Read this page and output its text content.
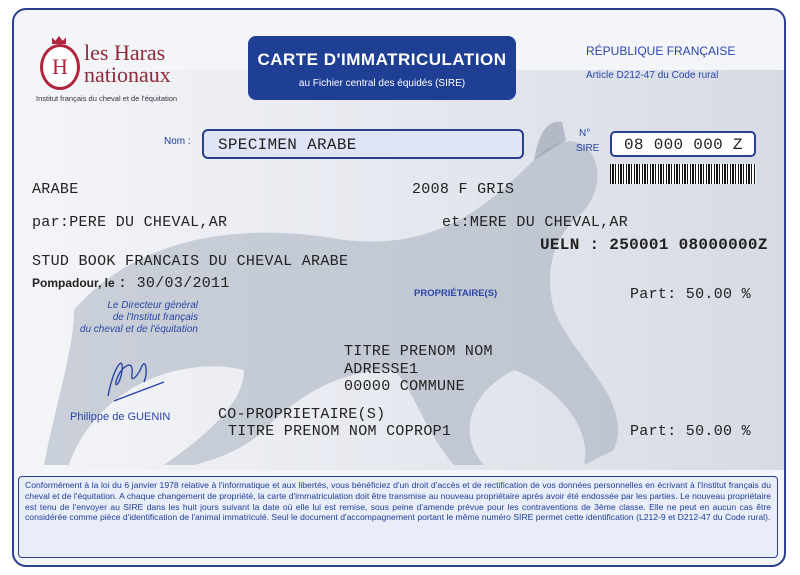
H
les Haras
nationaux
Institut français du cheval et de l'équitation
CARTE D'IMMATRICULATION
au Fichier central des équidés (SIRE)
RÉPUBLIQUE FRANÇAISE
Article D212-47 du Code rural
Nom : SPECIMEN ARABE
N°
SIRE 08 000 000 Z
ARABE	2008 F GRIS
par:PERE DU CHEVAL,AR	et:MERE DU CHEVAL,AR
UELN : 250001 08000000Z
STUD BOOK FRANCAIS DU CHEVAL ARABE
Pompadour, le : 30/03/2011
PROPRIÉTAIRE(S)	Part: 50.00 %
Le Directeur général
de l'Institut français
du cheval et de l'équitation
Philippe de GUENIN
TITRE PRENOM NOM
ADRESSE1
00000 COMMUNE
CO-PROPRIETAIRE(S)
TITRE PRENOM NOM COPROP1	Part: 50.00 %
Conformément à la loi du 6 janvier 1978 relative à l'informatique et aux libertés, vous bénéficiez d'un droit d'accès et de rectification de vos données personnelles en écrivant à l'Institut français du cheval et de l'équitation. A chaque changement de propriété, la carte d'immatriculation doit être transmise au nouveau propriétaire après avoir été endossée par les parties. Le nouveau propriétaire est tenu de l'envoyer au SIRE dans les huit jours suivant la date où elle lui est remise, sous peine d'amende prévue pour les contraventions de 3ème classe. Elle ne peut en aucun cas être considérée comme pièce d'identification de l'animal immatriculé. Seul le document d'accompagnement portant le même numéro SIRE permet cette identification (L212-9 et D212-47 du Code rural).
